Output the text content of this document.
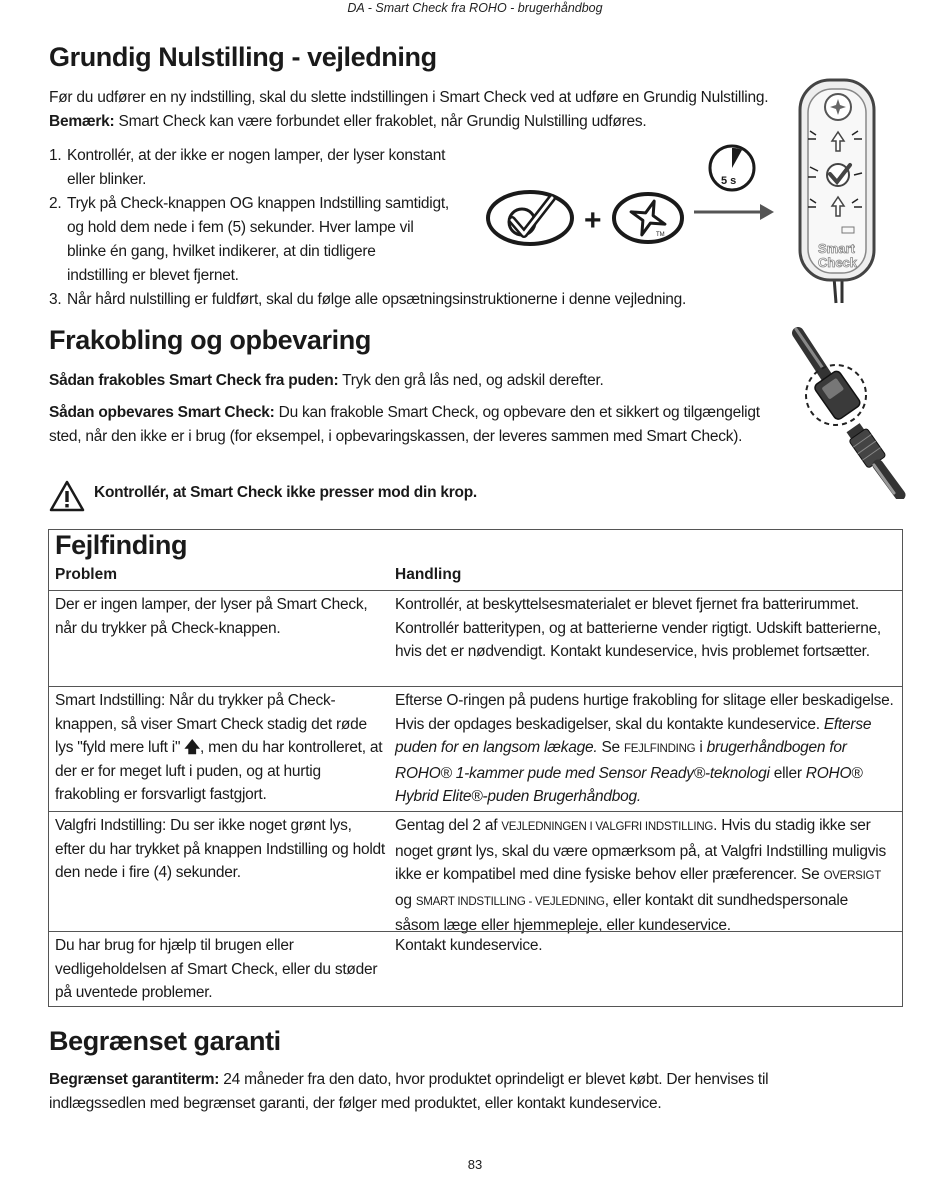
DA - Smart Check fra ROHO - brugerhåndbog
Grundig Nulstilling - vejledning
Før du udfører en ny indstilling, skal du slette indstillingen i Smart Check ved at udføre en Grundig Nulstilling. Bemærk: Smart Check kan være forbundet eller frakoblet, når Grundig Nulstilling udføres.
1. Kontrollér, at der ikke er nogen lamper, der lyser konstant
eller blinker.
2. Tryk på Check-knappen OG knappen Indstilling samtidigt,
og hold dem nede i fem (5) sekunder. Hver lampe vil
blinke én gang, hvilket indikerer, at din tidligere
indstilling er blevet fjernet.
3. Når hård nulstilling er fuldført, skal du følge alle opsætningsinstruktionerne i denne vejledning.
+	TM
5 s
Smart
Check
Frakobling og opbevaring
Sådan frakobles Smart Check fra puden: Tryk den grå lås ned, og adskil derefter.
Sådan opbevares Smart Check: Du kan frakoble Smart Check, og opbevare den et sikkert og tilgængeligt sted, når den ikke er i brug (for eksempel, i opbevaringskassen, der leveres sammen med Smart Check).
Kontrollér, at Smart Check ikke presser mod din krop.
Fejlfinding
Problem	Handling
Der er ingen lamper, der lyser på Smart Check, når du trykker på Check-knappen.
Kontrollér, at beskyttelsesmaterialet er blevet fjernet fra batterirummet. Kontrollér batteritypen, og at batterierne vender rigtigt. Udskift batterierne, hvis det er nødvendigt. Kontakt kundeservice, hvis problemet fortsætter.
Smart Indstilling: Når du trykker på Check-knappen, så viser Smart Check stadig det røde lys "fyld mere luft i" 🡅, men du har kontrolleret, at der er for meget luft i puden, og at hurtig frakobling er forsvarligt fastgjort.
Efterse O-ringen på pudens hurtige frakobling for slitage eller beskadigelse. Hvis der opdages beskadigelser, skal du kontakte kundeservice. Efterse puden for en langsom lækage. Se FEJLFINDING i brugerhåndbogen for ROHO® 1-kammer pude med Sensor Ready®-teknologi eller ROHO® Hybrid Elite®-puden Brugerhåndbog.
Valgfri Indstilling: Du ser ikke noget grønt lys, efter du har trykket på knappen Indstilling og holdt den nede i fire (4) sekunder.
Gentag del 2 af VEJLEDNINGEN I VALGFRI INDSTILLING. Hvis du stadig ikke ser noget grønt lys, skal du være opmærksom på, at Valgfri Indstilling muligvis ikke er kompatibel med dine fysiske behov eller præferencer. Se OVERSIGT og SMART INDSTILLING - VEJLEDNING, eller kontakt dit sundhedspersonale såsom læge eller hjemmepleje, eller kundeservice.
Du har brug for hjælp til brugen eller vedligeholdelsen af Smart Check, eller du støder på uventede problemer.
Kontakt kundeservice.
Begrænset garanti
Begrænset garantiterm: 24 måneder fra den dato, hvor produktet oprindeligt er blevet købt. Der henvises til indlægssedlen med begrænset garanti, der følger med produktet, eller kontakt kundeservice.
83
